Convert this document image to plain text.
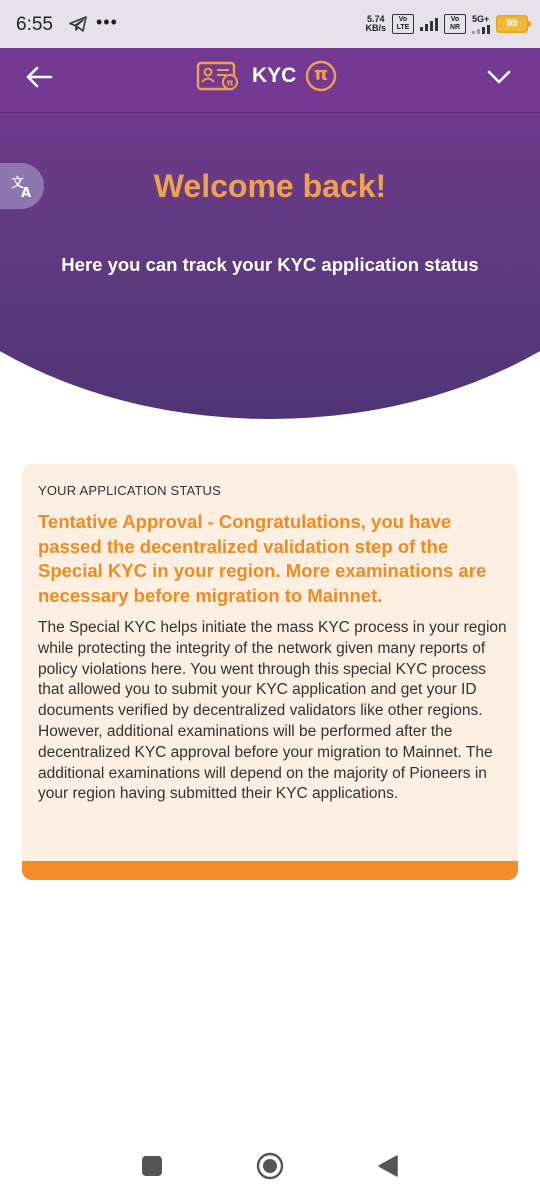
6:55 •••	5.74
KB/s
Vo LTE
Vo NR
5G+	99
π KYC π
文
A	Welcome back!
Here you can track your KYC application status
YOUR APPLICATION STATUS
Tentative Approval - Congratulations, you have passed the decentralized validation step of the Special KYC in your region. More examinations are necessary before migration to Mainnet.
The Special KYC helps initiate the mass KYC process in your region while protecting the integrity of the network given many reports of policy violations here. You went through this special KYC process that allowed you to submit your KYC application and get your ID documents verified by decentralized validators like other regions. However, additional examinations will be performed after the decentralized KYC approval before your migration to Mainnet. The additional examinations will depend on the majority of Pioneers in your region having submitted their KYC applications.
